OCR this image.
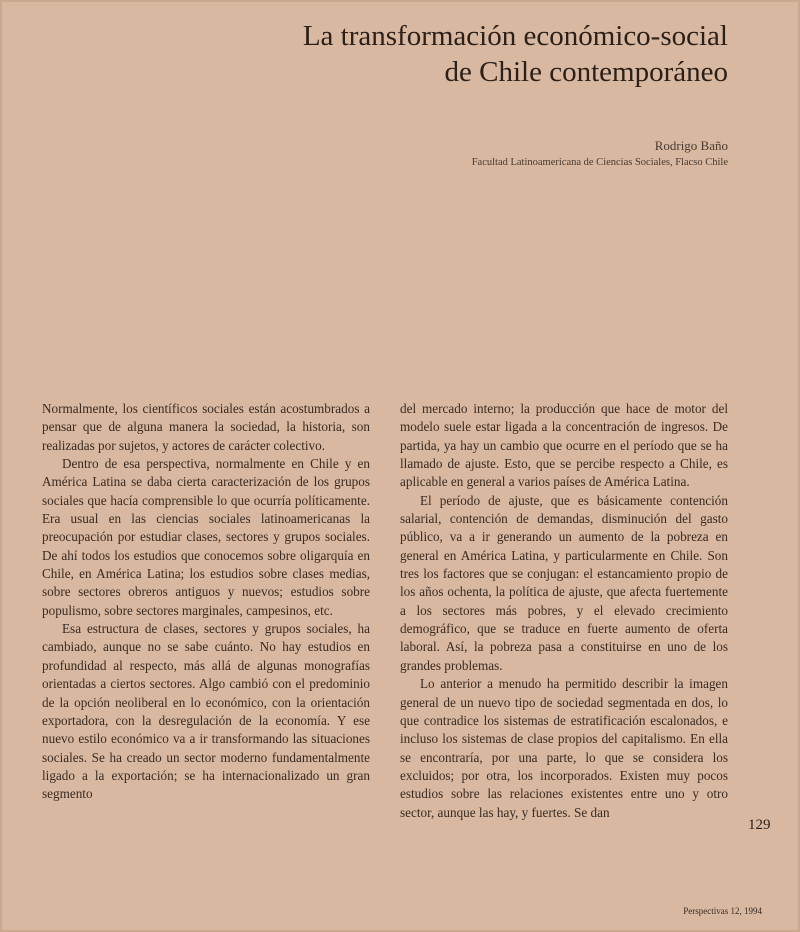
La transformación económico-social
de Chile contemporáneo
Rodrigo Baño
Facultad Latinoamericana de Ciencias Sociales, Flacso Chile

Normalmente, los científicos sociales están acostumbrados a pensar que de alguna manera la sociedad, la historia, son realizadas por sujetos, y actores de carácter colectivo.

Dentro de esa perspectiva, normalmente en Chile y en América Latina se daba cierta caracterización de los grupos sociales que hacía comprensible lo que ocurría políticamente. Era usual en las ciencias sociales latinoamericanas la preocupación por estudiar clases, sectores y grupos sociales. De ahí todos los estudios que conocemos sobre oligarquía en Chile, en América Latina; los estudios sobre clases medias, sobre sectores obreros antiguos y nuevos; estudios sobre populismo, sobre sectores marginales, campesinos, etc.

Esa estructura de clases, sectores y grupos sociales, ha cambiado, aunque no se sabe cuánto. No hay estudios en profundidad al respecto, más allá de algunas monografías orientadas a ciertos sectores. Algo cambió con el predominio de la opción neoliberal en lo económico, con la orientación exportadora, con la desregulación de la economía. Y ese nuevo estilo económico va a ir transformando las situaciones sociales. Se ha creado un sector moderno fundamentalmente ligado a la exportación; se ha internacionalizado un gran segmento

del mercado interno; la producción que hace de motor del modelo suele estar ligada a la concentración de ingresos. De partida, ya hay un cambio que ocurre en el período que se ha llamado de ajuste. Esto, que se percibe respecto a Chile, es aplicable en general a varios países de América Latina.

El período de ajuste, que es básicamente contención salarial, contención de demandas, disminución del gasto público, va a ir generando un aumento de la pobreza en general en América Latina, y particularmente en Chile. Son tres los factores que se conjugan: el estancamiento propio de los años ochenta, la política de ajuste, que afecta fuertemente a los sectores más pobres, y el elevado crecimiento demográfico, que se traduce en fuerte aumento de oferta laboral. Así, la pobreza pasa a constituirse en uno de los grandes problemas.

Lo anterior a menudo ha permitido describir la imagen general de un nuevo tipo de sociedad segmentada en dos, lo que contradice los sistemas de estratificación escalonados, e incluso los sistemas de clase propios del capitalismo. En ella se encontraría, por una parte, lo que se considera los excluidos; por otra, los incorporados. Existen muy pocos estudios sobre las relaciones existentes entre uno y otro sector, aunque las hay, y fuertes. Se dan

129
Perspectivas 12, 1994
